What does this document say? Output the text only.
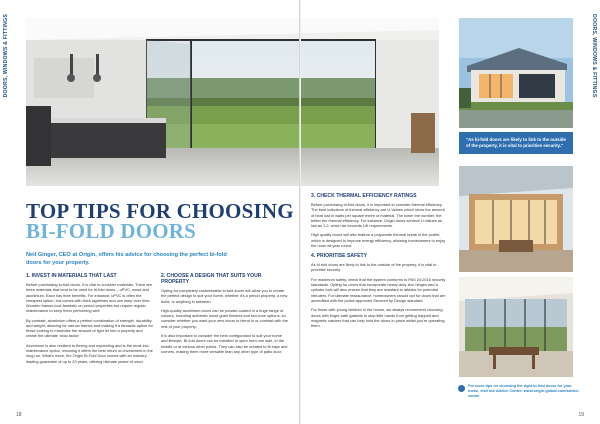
DOORS, WINDOWS & FITTINGS
TOP TIPS FOR CHOOSING
BI-FOLD DOORS
Neil Ginger, CEO at Origin, offers his advice for choosing the perfect bi-fold doors for your property.
1. INVEST IN MATERIALS THAT LAST

Before purchasing bi-fold doors, it is vital to consider materials. There are three materials that tend to be used for bi-fold doors – uPVC, wood and aluminium. Each has their benefits. For instance, uPVC is often the cheapest option, but comes with thick sightlines and can warp over time. Wooden frames look fantastic on period properties but require regular maintenance to keep them performing well.

By contrast, aluminium offers a perfect combination of strength, durability and weight, allowing for narrow frames and making it a fantastic option for those looking to maximise the amount of light let into a property and create the ultimate 'wow-factor'.

Aluminium is also resilient to flexing and expanding and is the most low-maintenance option, meaning it offers the best return on investment in the long run. What's more, the Origin Bi-Fold Door comes with an industry-leading guarantee of up to 20 years, offering ultimate peace of mind.

2. CHOOSE A DESIGN THAT SUITS YOUR PROPERTY

Opting for completely customisable bi-fold doors will allow you to create the perfect design to suit your home, whether it's a period property, a new build, or anything in between.

High-quality aluminium doors can be powder-coated in a huge range of colours, including authentic wood grain finishes and two-tone options, so consider whether you want your new doors to blend in or contrast with the rest of your property.

It is also important to consider the best configuration to suit your home and lifestyle. Bi-fold doors can be installed to open from one side, in the middle or at various other points. They can also be created to fit bays and corners, making them more versatile than any other type of patio door.

18
3. CHECK THERMAL EFFICIENCY RATINGS

Before purchasing bi-fold doors, it is important to consider thermal efficiency. The best indicators of thermal efficiency are U-Values which show the amount of heat lost in watts per square metre of material. The lower the number, the better the thermal efficiency. For instance, Origin doors achieve U-Values as low as 1.2, which far exceeds UK requirements.

High quality doors will also feature a polyamide thermal break in the profile, which is designed to improve energy efficiency, allowing homeowners to enjoy the room all year round.

4. PRIORITISE SAFETY

As bi-fold doors are likely to link to the outside of the property, it is vital to prioritise security.

For maximum safety, check that the system conforms to PAS 24:2016 security standards. Opting for doors that incorporate heavy-duty zinc hinges and a cylinder lock will also ensure that they are resistant to attacks for potential intruders. For ultimate reassurance, homeowners should opt for doors that are accredited with the police-approved Secured by Design standard.

For those with young children in the house, we always recommend choosing doors with finger-safe gaskets to stop little hands from getting trapped and magnetic catches that can help hold the doors in place whilst you're operating them.

"As bi-fold doors are likely to link to the outside of the property, it is vital to prioritise security."
For more tips on choosing the right bi-fold doors for your home, visit our Advice Centre: www.origin-global.com/advice-centre
19
DOORS, WINDOWS & FITTINGS
